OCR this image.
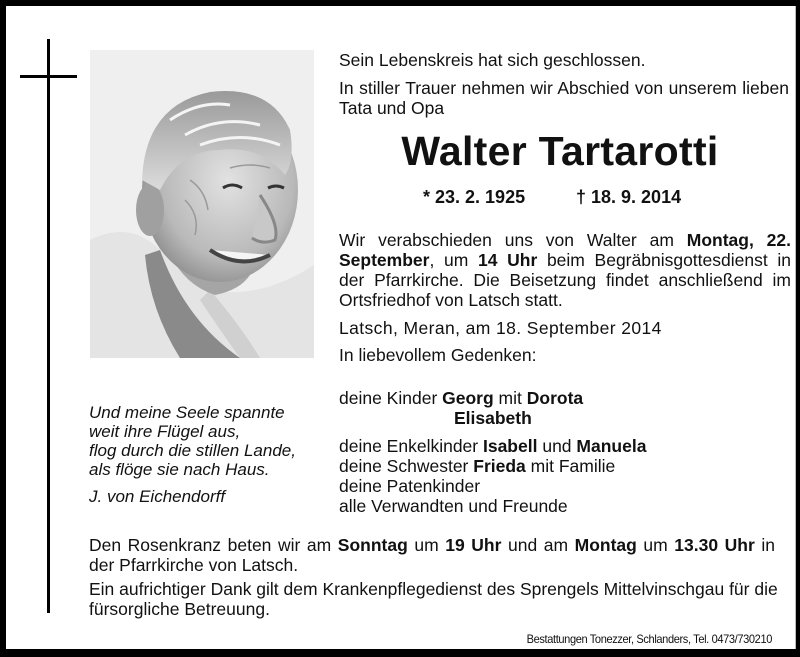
Sein Lebenskreis hat sich geschlossen.
In stiller Trauer nehmen wir Abschied von unserem lieben Tata und Opa
Walter Tartarotti
* 23. 2. 1925	† 18. 9. 2014
Wir verabschieden uns von Walter am Montag, 22. September, um 14 Uhr beim Begräbnisgottesdienst in der Pfarrkirche. Die Beisetzung findet anschließend im Ortsfriedhof von Latsch statt.
Latsch, Meran, am 18. September 2014
In liebevollem Gedenken:
deine Kinder Georg mit Dorota
Elisabeth
deine Enkelkinder Isabell und Manuela
deine Schwester Frieda mit Familie
deine Patenkinder
alle Verwandten und Freunde
Und meine Seele spannte
weit ihre Flügel aus,
flog durch die stillen Lande,
als flöge sie nach Haus.
J. von Eichendorff
Den Rosenkranz beten wir am Sonntag um 19 Uhr und am Montag um 13.30 Uhr in der Pfarrkirche von Latsch.
Ein aufrichtiger Dank gilt dem Krankenpflegedienst des Sprengels Mittelvinschgau für die fürsorgliche Betreuung.
Bestattungen Tonezzer, Schlanders, Tel. 0473/730210
